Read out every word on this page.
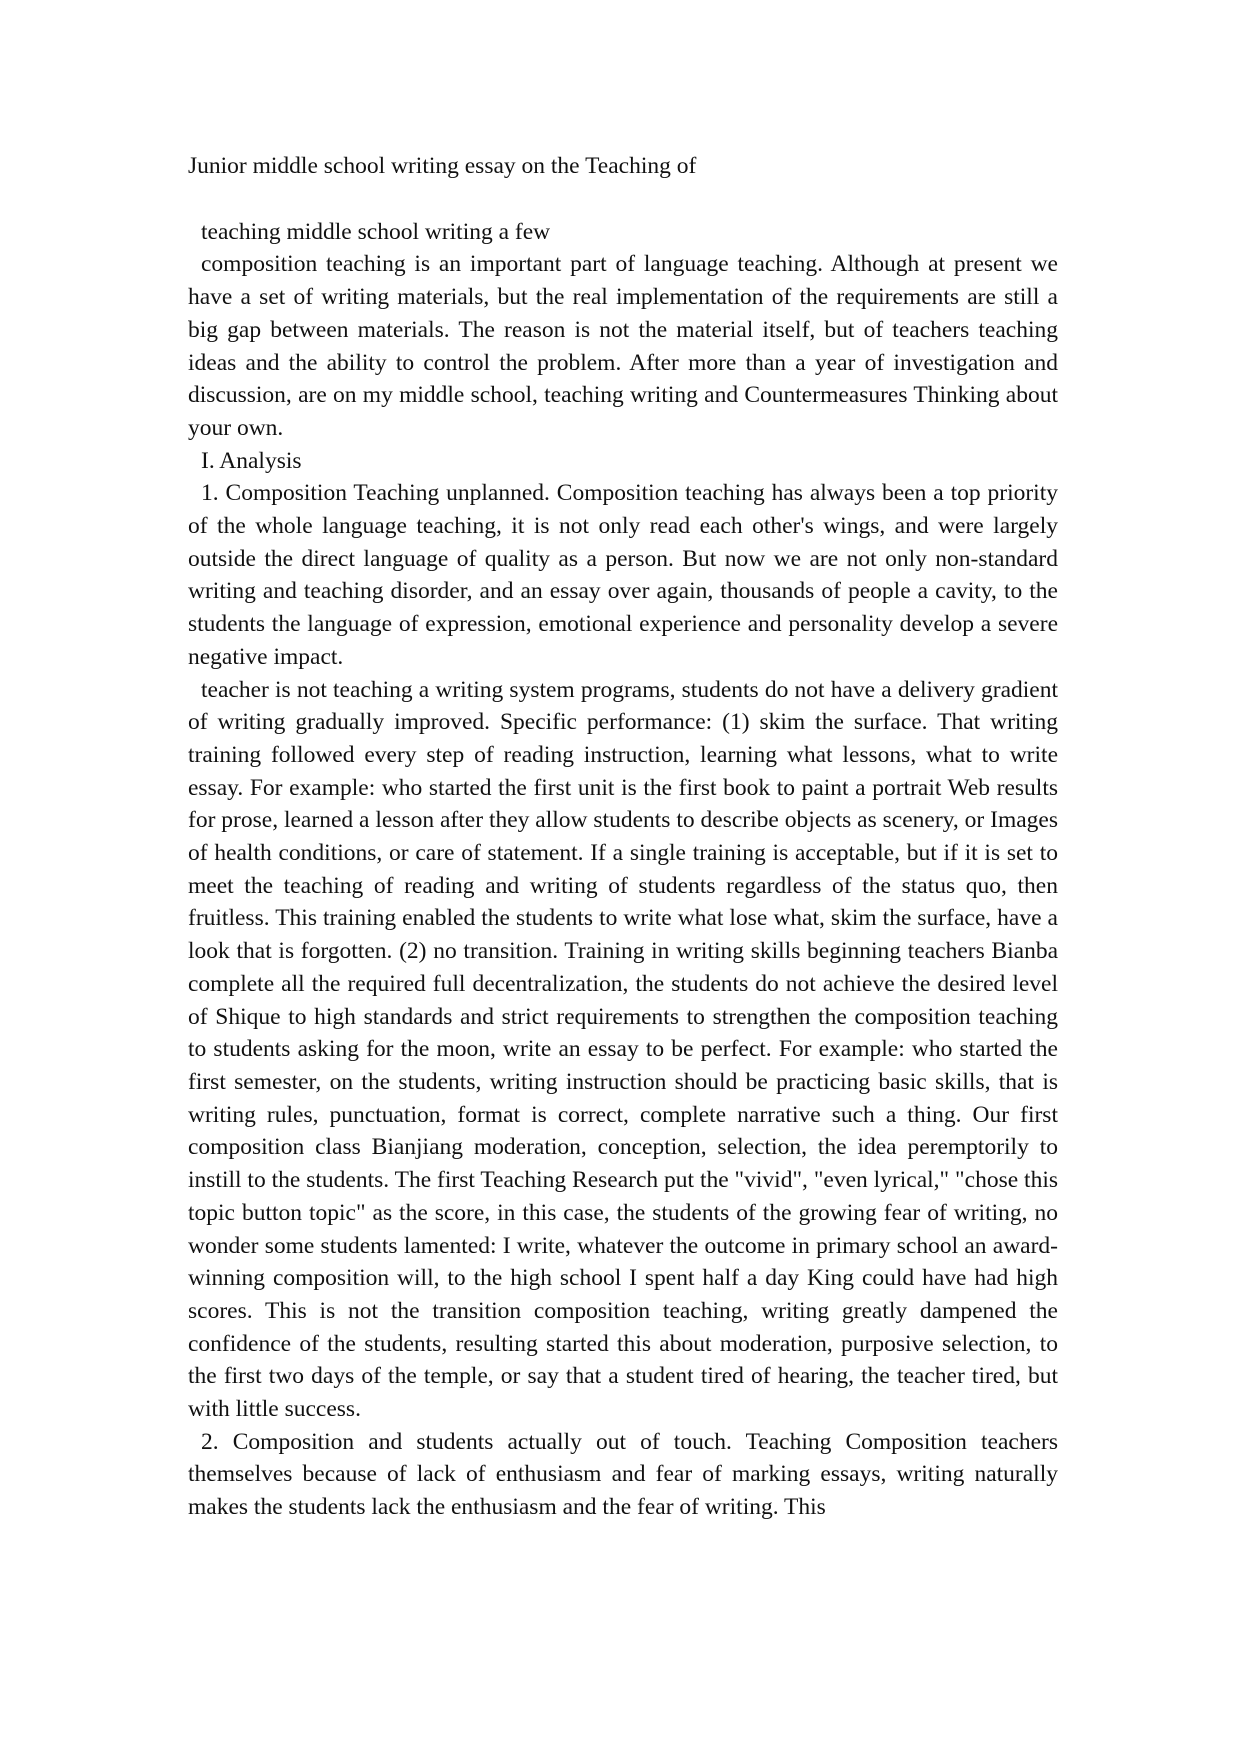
Junior middle school writing essay on the Teaching of

teaching middle school writing a few

composition teaching is an important part of language teaching. Although at present we have a set of writing materials, but the real implementation of the requirements are still a big gap between materials. The reason is not the material itself, but of teachers teaching ideas and the ability to control the problem. After more than a year of investigation and discussion, are on my middle school, teaching writing and Countermeasures Thinking about your own.

I. Analysis

1. Composition Teaching unplanned. Composition teaching has always been a top priority of the whole language teaching, it is not only read each other's wings, and were largely outside the direct language of quality as a person. But now we are not only non-standard writing and teaching disorder, and an essay over again, thousands of people a cavity, to the students the language of expression, emotional experience and personality develop a severe negative impact.

teacher is not teaching a writing system programs, students do not have a delivery gradient of writing gradually improved. Specific performance: (1) skim the surface. That writing training followed every step of reading instruction, learning what lessons, what to write essay. For example: who started the first unit is the first book to paint a portrait Web results for prose, learned a lesson after they allow students to describe objects as scenery, or Images of health conditions, or care of statement. If a single training is acceptable, but if it is set to meet the teaching of reading and writing of students regardless of the status quo, then fruitless. This training enabled the students to write what lose what, skim the surface, have a look that is forgotten. (2) no transition. Training in writing skills beginning teachers Bianba complete all the required full decentralization, the students do not achieve the desired level of Shique to high standards and strict requirements to strengthen the composition teaching to students asking for the moon, write an essay to be perfect. For example: who started the first semester, on the students, writing instruction should be practicing basic skills, that is writing rules, punctuation, format is correct, complete narrative such a thing. Our first composition class Bianjiang moderation, conception, selection, the idea peremptorily to instill to the students. The first Teaching Research put the "vivid", "even lyrical," "chose this topic button topic" as the score, in this case, the students of the growing fear of writing, no wonder some students lamented: I write, whatever the outcome in primary school an award-winning composition will, to the high school I spent half a day King could have had high scores. This is not the transition composition teaching, writing greatly dampened the confidence of the students, resulting started this about moderation, purposive selection, to the first two days of the temple, or say that a student tired of hearing, the teacher tired, but with little success.

2. Composition and students actually out of touch. Teaching Composition teachers themselves because of lack of enthusiasm and fear of marking essays, writing naturally makes the students lack the enthusiasm and the fear of writing. This
